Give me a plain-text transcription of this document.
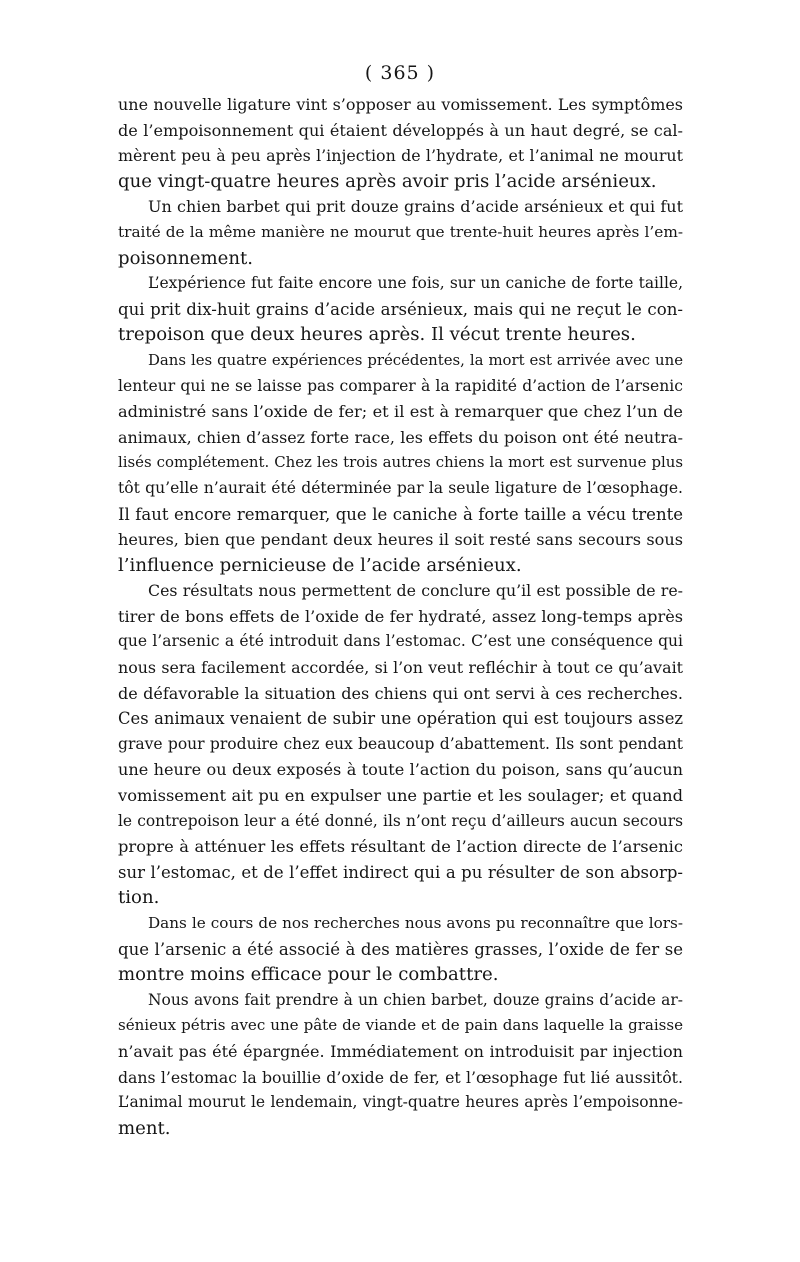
( 365 )

une nouvelle ligature vint s’opposer au vomissement. Les symptômes
de l’empoisonnement qui étaient développés à un haut degré, se cal-
mèrent peu à peu après l’injection de l’hydrate, et l’animal ne mourut
que vingt-quatre heures après avoir pris l’acide arsénieux.

Un chien barbet qui prit douze grains d’acide arsénieux et qui fut
traité de la même manière ne mourut que trente-huit heures après l’em-
poisonnement.

L’expérience fut faite encore une fois, sur un caniche de forte taille,
qui prit dix-huit grains d’acide arsénieux, mais qui ne reçut le con-
trepoison que deux heures après. Il vécut trente heures.

Dans les quatre expériences précédentes, la mort est arrivée avec une
lenteur qui ne se laisse pas comparer à la rapidité d’action de l’arsenic
administré sans l’oxide de fer; et il est à remarquer que chez l’un de
animaux, chien d’assez forte race, les effets du poison ont été neutra-
lisés complétement. Chez les trois autres chiens la mort est survenue plus
tôt qu’elle n’aurait été déterminée par la seule ligature de l’œsophage.
Il faut encore remarquer, que le caniche à forte taille a vécu trente
heures, bien que pendant deux heures il soit resté sans secours sous
l’influence pernicieuse de l’acide arsénieux.

Ces résultats nous permettent de conclure qu’il est possible de re-
tirer de bons effets de l’oxide de fer hydraté, assez long-temps après
que l’arsenic a été introduit dans l’estomac. C’est une conséquence qui
nous sera facilement accordée, si l’on veut refléchir à tout ce qu’avait
de défavorable la situation des chiens qui ont servi à ces recherches.
Ces animaux venaient de subir une opération qui est toujours assez
grave pour produire chez eux beaucoup d’abattement. Ils sont pendant
une heure ou deux exposés à toute l’action du poison, sans qu’aucun
vomissement ait pu en expulser une partie et les soulager; et quand
le contrepoison leur a été donné, ils n’ont reçu d’ailleurs aucun secours
propre à atténuer les effets résultant de l’action directe de l’arsenic
sur l’estomac, et de l’effet indirect qui a pu résulter de son absorp-
tion.

Dans le cours de nos recherches nous avons pu reconnaître que lors-
que l’arsenic a été associé à des matières grasses, l’oxide de fer se
montre moins efficace pour le combattre.

Nous avons fait prendre à un chien barbet, douze grains d’acide ar-
sénieux pétris avec une pâte de viande et de pain dans laquelle la graisse
n’avait pas été épargnée. Immédiatement on introduisit par injection
dans l’estomac la bouillie d’oxide de fer, et l’œsophage fut lié aussitôt.
L’animal mourut le lendemain, vingt-quatre heures après l’empoisonne-
ment.
